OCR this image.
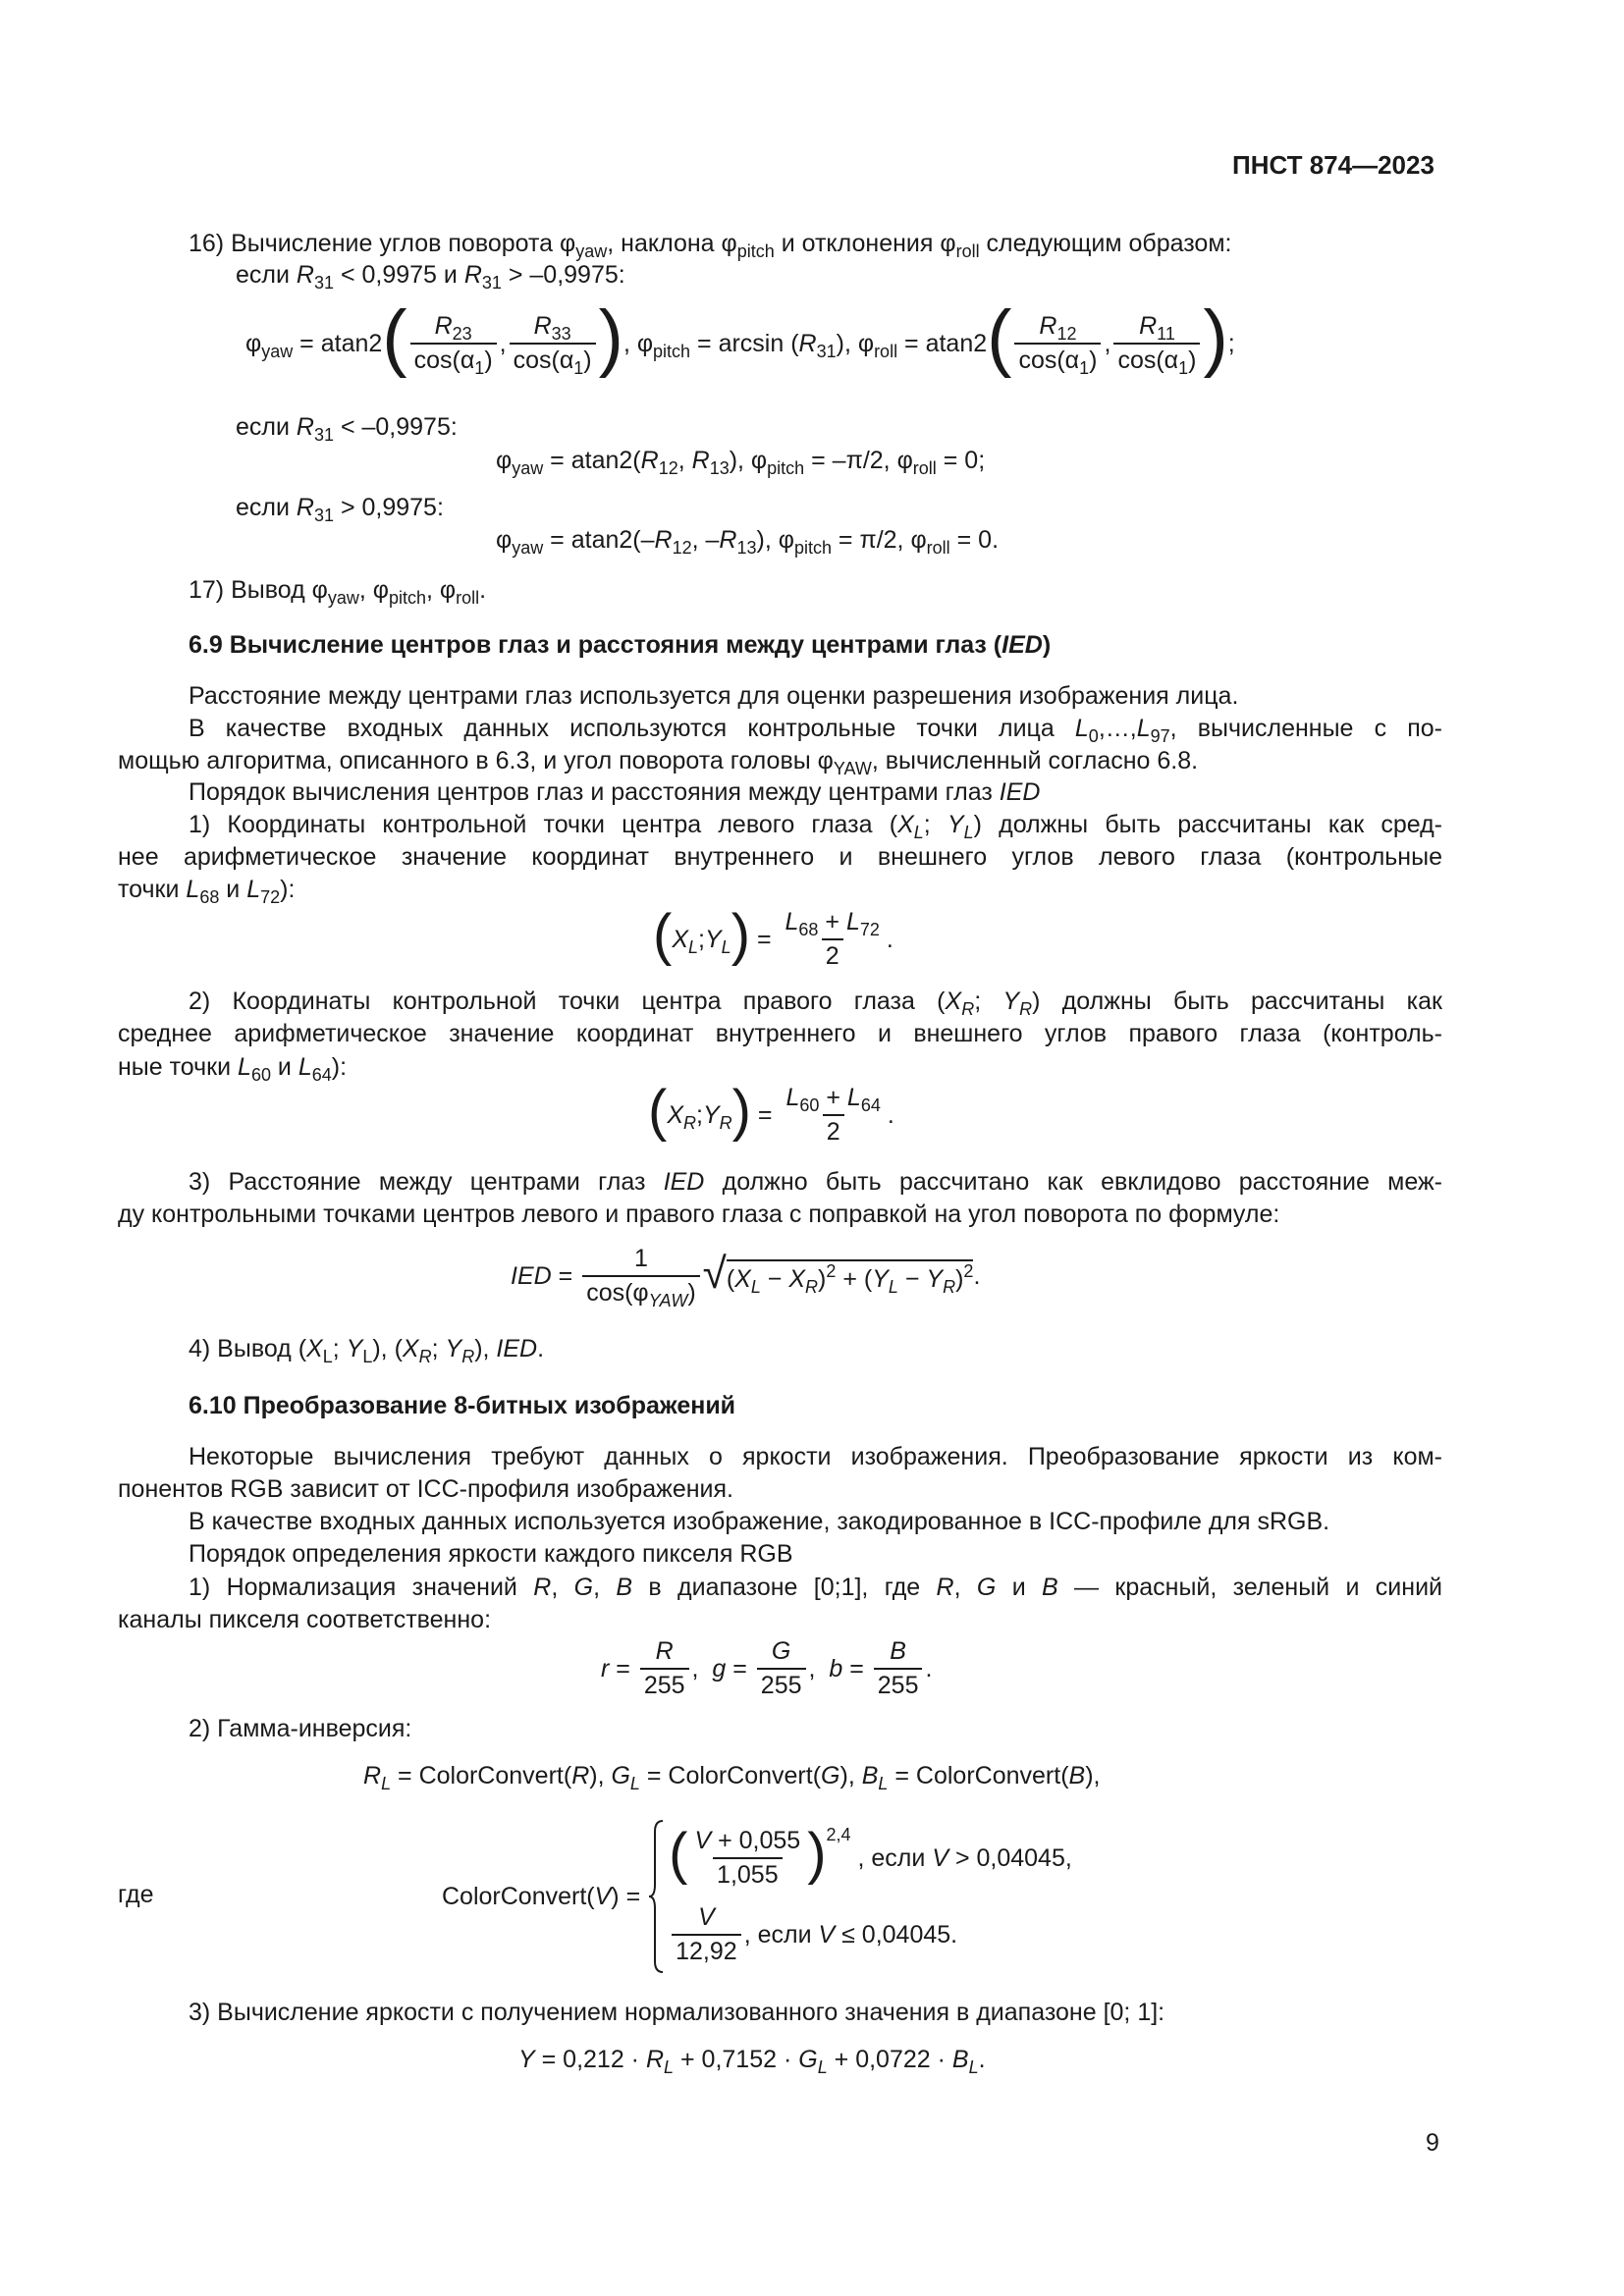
ПНСТ 874—2023
16) Вычисление углов поворота $\varphi_{yaw}$, наклона $\varphi_{pitch}$ и отклонения $\varphi_{roll}$ следующим образом:
если $R_{31} < 0,9975$ и $R_{31} > -0,9975$:
$\varphi_{yaw} = atan2$ ( $\frac{R_{23}}{\cos(\alpha_1)}$ , $\frac{R_{33}}{\cos(\alpha_1)}$ ) , $\varphi_{pitch} = \arcsin (R_{31})$, $\varphi_{roll} = atan2$ ( $\frac{R_{12}}{\cos(\alpha_1)}$ , $\frac{R_{11}}{\cos(\alpha_1)}$ ) ;
если $R_{31} < -0,9975$:
$\varphi_{yaw} = atan2(R_{12}$, $R_{13}$), $\varphi_{pitch} = -\pi/2$, $\varphi_{roll} = 0$;
если $R_{31} > 0,9975$:
$\varphi_{yaw} = atan2(-R_{12}$, $-R_{13}$), $\varphi_{pitch} = \pi/2$, $\varphi_{roll} = 0$.
17) Вывод $\varphi_{yaw}$, $\varphi_{pitch}$, $\varphi_{roll}$.
6.9 Вычисление центров глаз и расстояния между центрами глаз (IED)
Расстояние между центрами глаз используется для оценки разрешения изображения лица.
В качестве входных данных используются контрольные точки лица $L_0,\dots,L_{97}$, вычисленные с по-
мощью алгоритма, описанного в 6.3, и угол поворота головы $\varphi_{YAW}$, вычисленный согласно 6.8.
Порядок вычисления центров глаз и расстояния между центрами глаз IED
1) Координаты контрольной точки центра левого глаза ($X_L$; $Y_L$) должны быть рассчитаны как сред-
нее арифметическое значение координат внутреннего и внешнего углов левого глаза (контрольные
точки $L_{68}$ и $L_{72}$):
( $X_L;Y_L$ ) = $\frac{L_{68} + L_{72}}{2}$ .
2) Координаты контрольной точки центра правого глаза ($X_R$; $Y_R$) должны быть рассчитаны как
среднее арифметическое значение координат внутреннего и внешнего углов правого глаза (контроль-
ные точки $L_{60}$ и $L_{64}$):
( $X_R;Y_R$ ) = $\frac{L_{60} + L_{64}}{2}$ .
3) Расстояние между центрами глаз IED должно быть рассчитано как евклидово расстояние меж-
ду контрольными точками центров левого и правого глаза с поправкой на угол поворота по формуле:
IED = $\frac{1}{\cos(\varphi_{YAW})}$ √ $(X_L - X_R)^2 + (Y_L - Y_R)^2$ .
4) Вывод ($X_L$; $Y_L$), ($X_R$; $Y_R$), IED.
6.10 Преобразование 8-битных изображений
Некоторые вычисления требуют данных о яркости изображения. Преобразование яркости из ком-
понентов RGB зависит от ICC-профиля изображения.
В качестве входных данных используется изображение, закодированное в ICC-профиле для sRGB.
Порядок определения яркости каждого пикселя RGB
1) Нормализация значений R, G, B в диапазоне [0;1], где R, G и B — красный, зеленый и синий
каналы пикселя соответственно:
$r = \frac{R}{255}$ ,  $g = \frac{G}{255}$ ,  $b = \frac{B}{255}$ .
2) Гамма-инверсия:
$R_L$ = ColorConvert(R), $G_L$ = ColorConvert(G), $B_L$ = ColorConvert(B),
где	ColorConvert(V) =
( $\frac{V + 0,055}{1,055} )^{2,4}$
, если V > 0,04045,
$\frac{V}{12,92}$ , если V ≤ 0,04045.
3) Вычисление яркости с получением нормализованного значения в диапазоне [0; 1]:
$Y = 0,212 \cdot R_L + 0,7152 \cdot G_L + 0,0722 \cdot B_L$.
9
